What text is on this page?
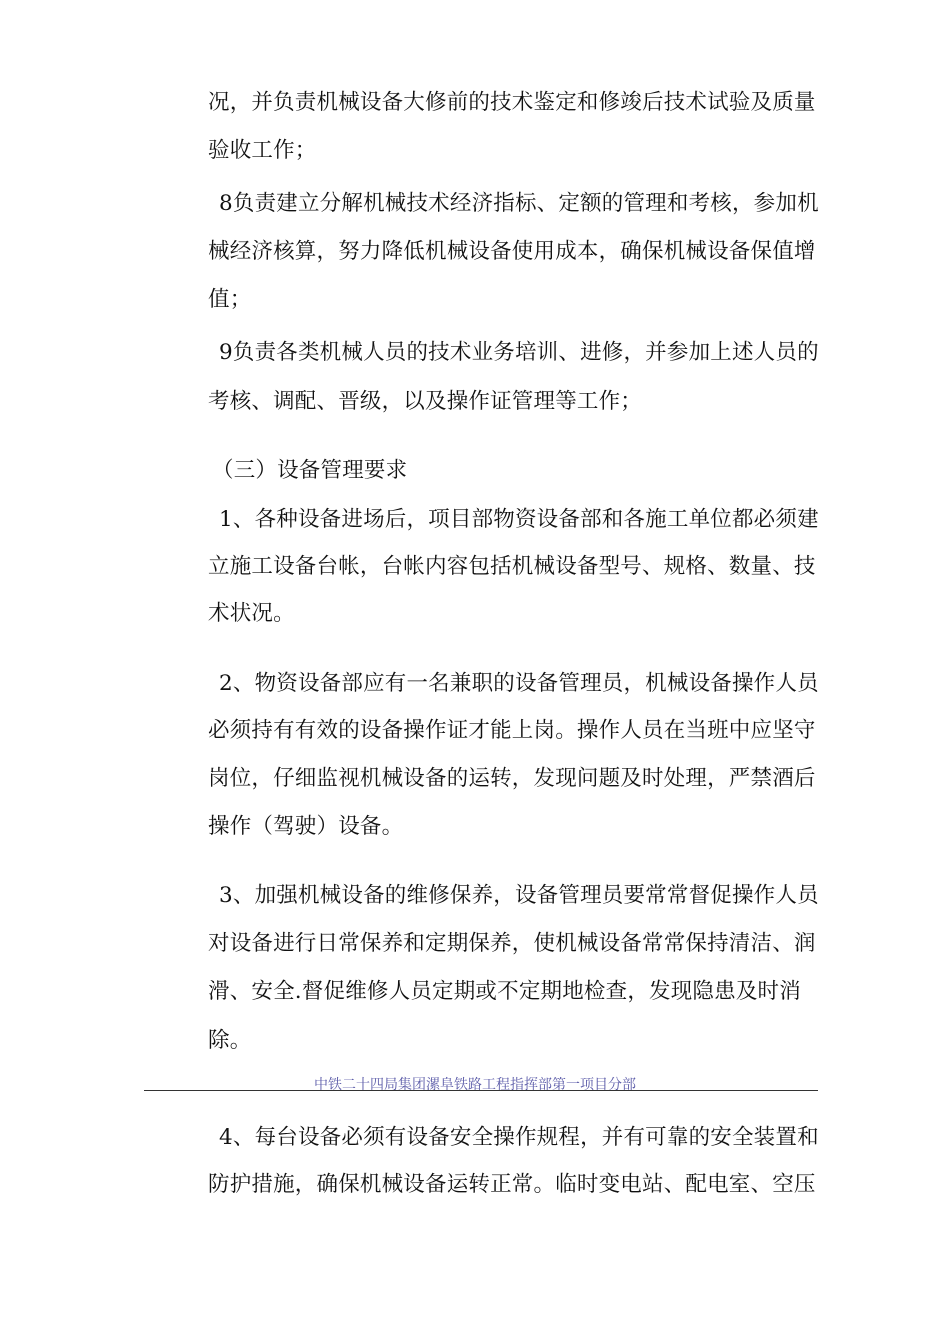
况，并负责机械设备大修前的技术鉴定和修竣后技术试验及质量
验收工作；
8负责建立分解机械技术经济指标、定额的管理和考核，参加机
械经济核算，努力降低机械设备使用成本，确保机械设备保值增
值；
9负责各类机械人员的技术业务培训、进修，并参加上述人员的
考核、调配、晋级，以及操作证管理等工作；
（三）设备管理要求
1、各种设备进场后，项目部物资设备部和各施工单位都必须建
立施工设备台帐，台帐内容包括机械设备型号、规格、数量、技
术状况。
2、物资设备部应有一名兼职的设备管理员，机械设备操作人员
必须持有有效的设备操作证才能上岗。操作人员在当班中应坚守
岗位，仔细监视机械设备的运转，发现问题及时处理，严禁酒后
操作（驾驶）设备。
3、加强机械设备的维修保养，设备管理员要常常督促操作人员
对设备进行日常保养和定期保养，使机械设备常常保持清洁、润
滑、安全.督促维修人员定期或不定期地检查，发现隐患及时消
除。
中铁二十四局集团漯阜铁路工程指挥部第一项目分部
4、每台设备必须有设备安全操作规程，并有可靠的安全装置和
防护措施，确保机械设备运转正常。临时变电站、配电室、空压
